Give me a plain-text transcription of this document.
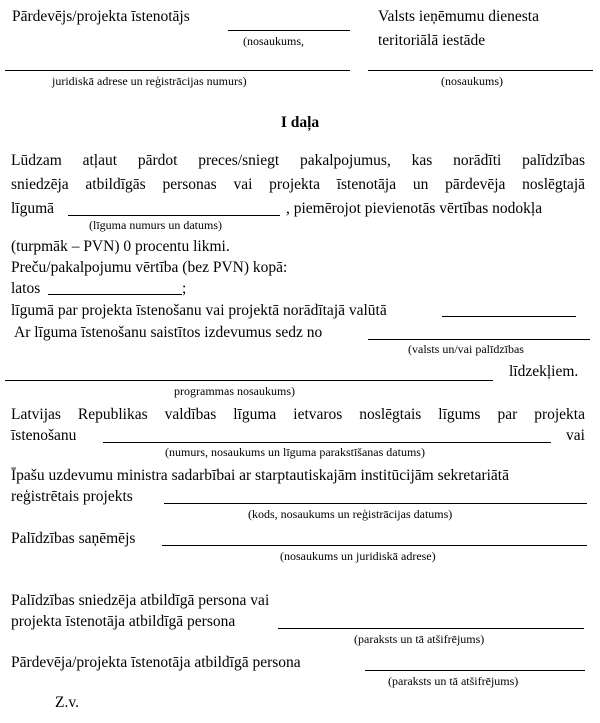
Pārdevējs/projekta īstenotājs
(nosaukums,
Valsts ieņēmumu dienesta
teritoriālā iestāde
juridiskā adrese un reģistrācijas numurs)	(nosaukums)
I daļa
Lūdzam atļaut pārdot preces/sniegt pakalpojumus, kas norādīti palīdzības
sniedzēja atbildīgās personas vai projekta īstenotāja un pārdevēja noslēgtajā
līgumā	, piemērojot pievienotās vērtības nodokļa
(līguma numurs un datums)
(turpmāk – PVN) 0 procentu likmi.
Preču/pakalpojumu vērtība (bez PVN) kopā:
latos	;
līgumā par projekta īstenošanu vai projektā norādītajā valūtā
Ar līguma īstenošanu saistītos izdevumus sedz no
(valsts un/vai palīdzības
līdzekļiem.
programmas nosaukums)
Latvijas Republikas valdības līguma ietvaros noslēgtais līgums par projekta
īstenošanu	vai
(numurs, nosaukums un līguma parakstīšanas datums)
Īpašu uzdevumu ministra sadarbībai ar starptautiskajām institūcijām sekretariātā
reģistrētais projekts
(kods, nosaukums un reģistrācijas datums)
Palīdzības saņēmējs
(nosaukums un juridiskā adrese)
Palīdzības sniedzēja atbildīgā persona vai
projekta īstenotāja atbildīgā persona
(paraksts un tā atšifrējums)
Pārdevēja/projekta īstenotāja atbildīgā persona
(paraksts un tā atšifrējums)
Z.v.
